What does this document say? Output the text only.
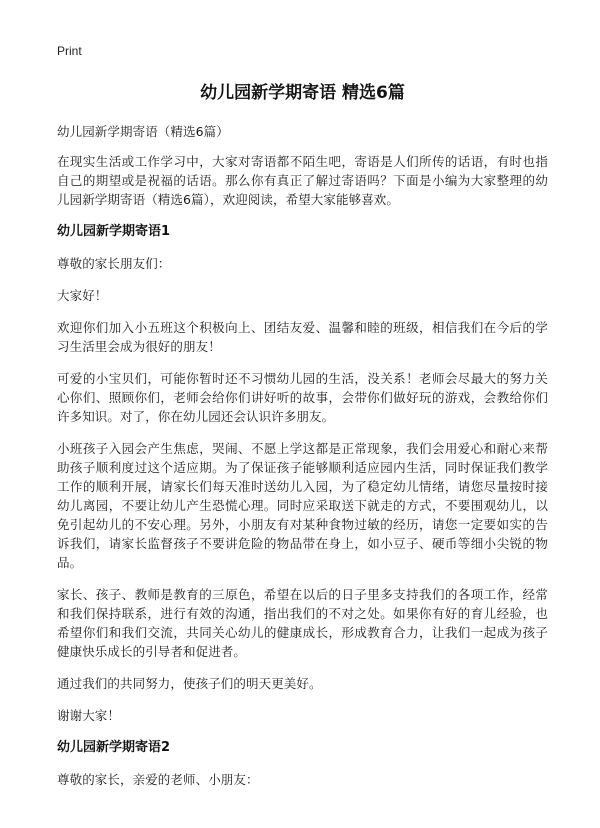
Print
幼儿园新学期寄语 精选6篇
幼儿园新学期寄语（精选6篇）
在现实生活或工作学习中，大家对寄语都不陌生吧，寄语是人们所传的话语，有时也指自己的期望或是祝福的话语。那么你有真正了解过寄语吗？下面是小编为大家整理的幼儿园新学期寄语（精选6篇），欢迎阅读，希望大家能够喜欢。
幼儿园新学期寄语1
尊敬的家长朋友们：
大家好！
欢迎你们加入小五班这个积极向上、团结友爱、温馨和睦的班级，相信我们在今后的学习生活里会成为很好的朋友！
可爱的小宝贝们，可能你暂时还不习惯幼儿园的生活，没关系！老师会尽最大的努力关心你们、照顾你们，老师会给你们讲好听的故事，会带你们做好玩的游戏，会教给你们许多知识。对了，你在幼儿园还会认识许多朋友。
小班孩子入园会产生焦虑，哭闹、不愿上学这都是正常现象，我们会用爱心和耐心来帮助孩子顺利度过这个适应期。为了保证孩子能够顺利适应园内生活，同时保证我们教学工作的顺利开展，请家长们每天准时送幼儿入园，为了稳定幼儿情绪，请您尽量按时接幼儿离园，不要让幼儿产生恐慌心理。同时应采取送下就走的方式，不要围观幼儿，以免引起幼儿的不安心理。另外，小朋友有对某种食物过敏的经历，请您一定要如实的告诉我们，请家长监督孩子不要讲危险的物品带在身上，如小豆子、硬币等细小尖锐的物品。
家长、孩子、教师是教育的三原色，希望在以后的日子里多支持我们的各项工作，经常和我们保持联系，进行有效的沟通，指出我们的不对之处。如果你有好的育儿经验，也希望你们和我们交流，共同关心幼儿的健康成长，形成教育合力，让我们一起成为孩子健康快乐成长的引导者和促进者。
通过我们的共同努力，使孩子们的明天更美好。
谢谢大家！
幼儿园新学期寄语2
尊敬的家长，亲爱的老师、小朋友：
